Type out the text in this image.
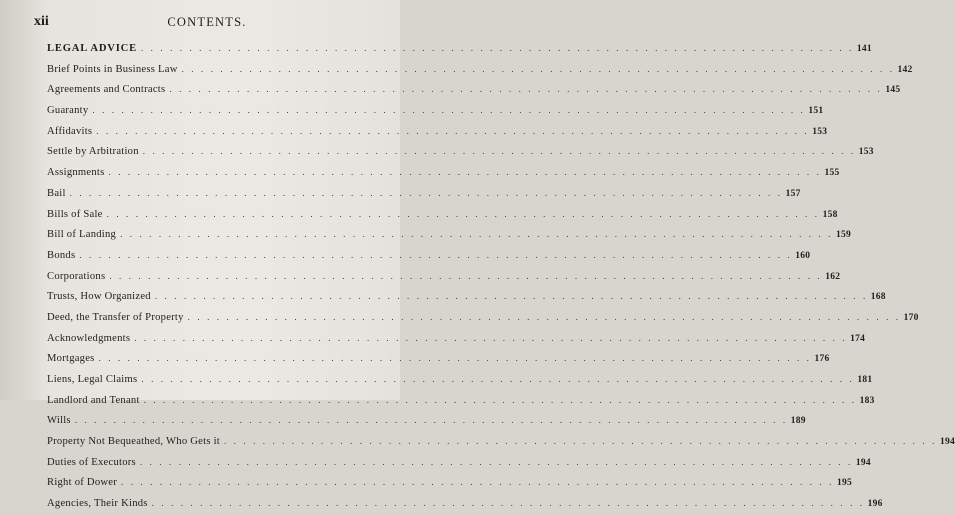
xii	CONTENTS.
LEGAL ADVICE . . .	141
Brief Points in Business Law . . .	142
Agreements and Contracts . . .	145
Guaranty . . .	151
Affidavits . . .	153
Settle by Arbitration . . .	153
Assignments . . .	155
Bail . . .	157
Bills of Sale . . .	158
Bill of Landing . . .	159
Bonds . . .	160
Corporations . . .	162
Trusts, How Organized . . .	168
Deed, the Transfer of Property . . .	170
Acknowledgments . . .	174
Mortgages . . .	176
Liens, Legal Claims . . .	181
Landlord and Tenant . . .	183
Wills . . .	189
Property Not Bequeathed, Who Gets it . . .	194
Duties of Executors . . .	194
Right of Dower . . .	195
Agencies, Their Kinds . . .	196
